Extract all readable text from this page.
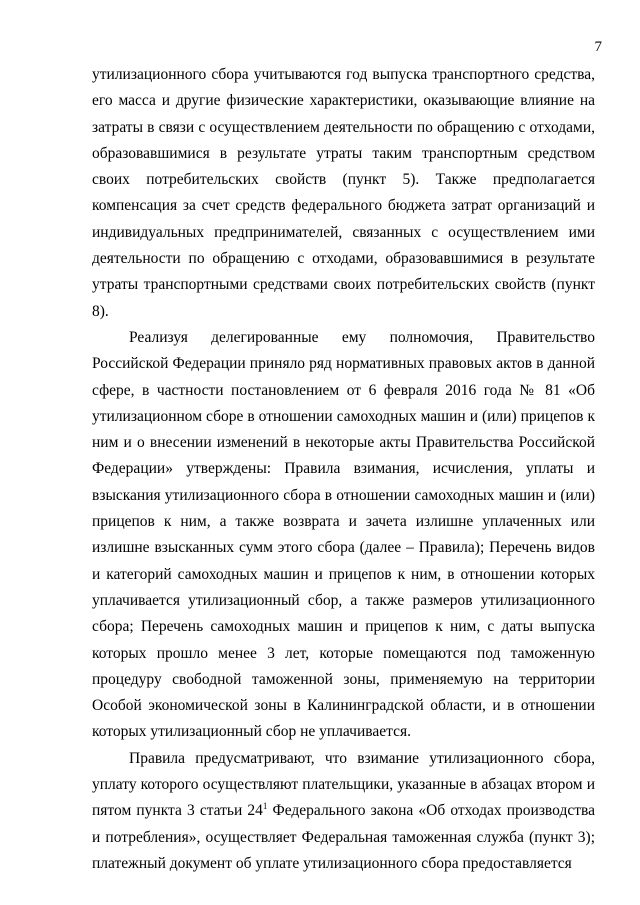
7

утилизационного сбора учитываются год выпуска транспортного средства, его масса и другие физические характеристики, оказывающие влияние на затраты в связи с осуществлением деятельности по обращению с отходами, образовавшимися в результате утраты таким транспортным средством своих потребительских свойств (пункт 5). Также предполагается компенсация за счет средств федерального бюджета затрат организаций и индивидуальных предпринимателей, связанных с осуществлением ими деятельности по обращению с отходами, образовавшимися в результате утраты транспортными средствами своих потребительских свойств (пункт 8).

Реализуя делегированные ему полномочия, Правительство Российской Федерации приняло ряд нормативных правовых актов в данной сфере, в частности постановлением от 6 февраля 2016 года № 81 «Об утилизационном сборе в отношении самоходных машин и (или) прицепов к ним и о внесении изменений в некоторые акты Правительства Российской Федерации» утверждены: Правила взимания, исчисления, уплаты и взыскания утилизационного сбора в отношении самоходных машин и (или) прицепов к ним, а также возврата и зачета излишне уплаченных или излишне взысканных сумм этого сбора (далее – Правила); Перечень видов и категорий самоходных машин и прицепов к ним, в отношении которых уплачивается утилизационный сбор, а также размеров утилизационного сбора; Перечень самоходных машин и прицепов к ним, с даты выпуска которых прошло менее 3 лет, которые помещаются под таможенную процедуру свободной таможенной зоны, применяемую на территории Особой экономической зоны в Калининградской области, и в отношении которых утилизационный сбор не уплачивается.

Правила предусматривают, что взимание утилизационного сбора, уплату которого осуществляют плательщики, указанные в абзацах втором и пятом пункта 3 статьи $24^1$ Федерального закона «Об отходах производства и потребления», осуществляет Федеральная таможенная служба (пункт 3); платежный документ об уплате утилизационного сбора предоставляется
